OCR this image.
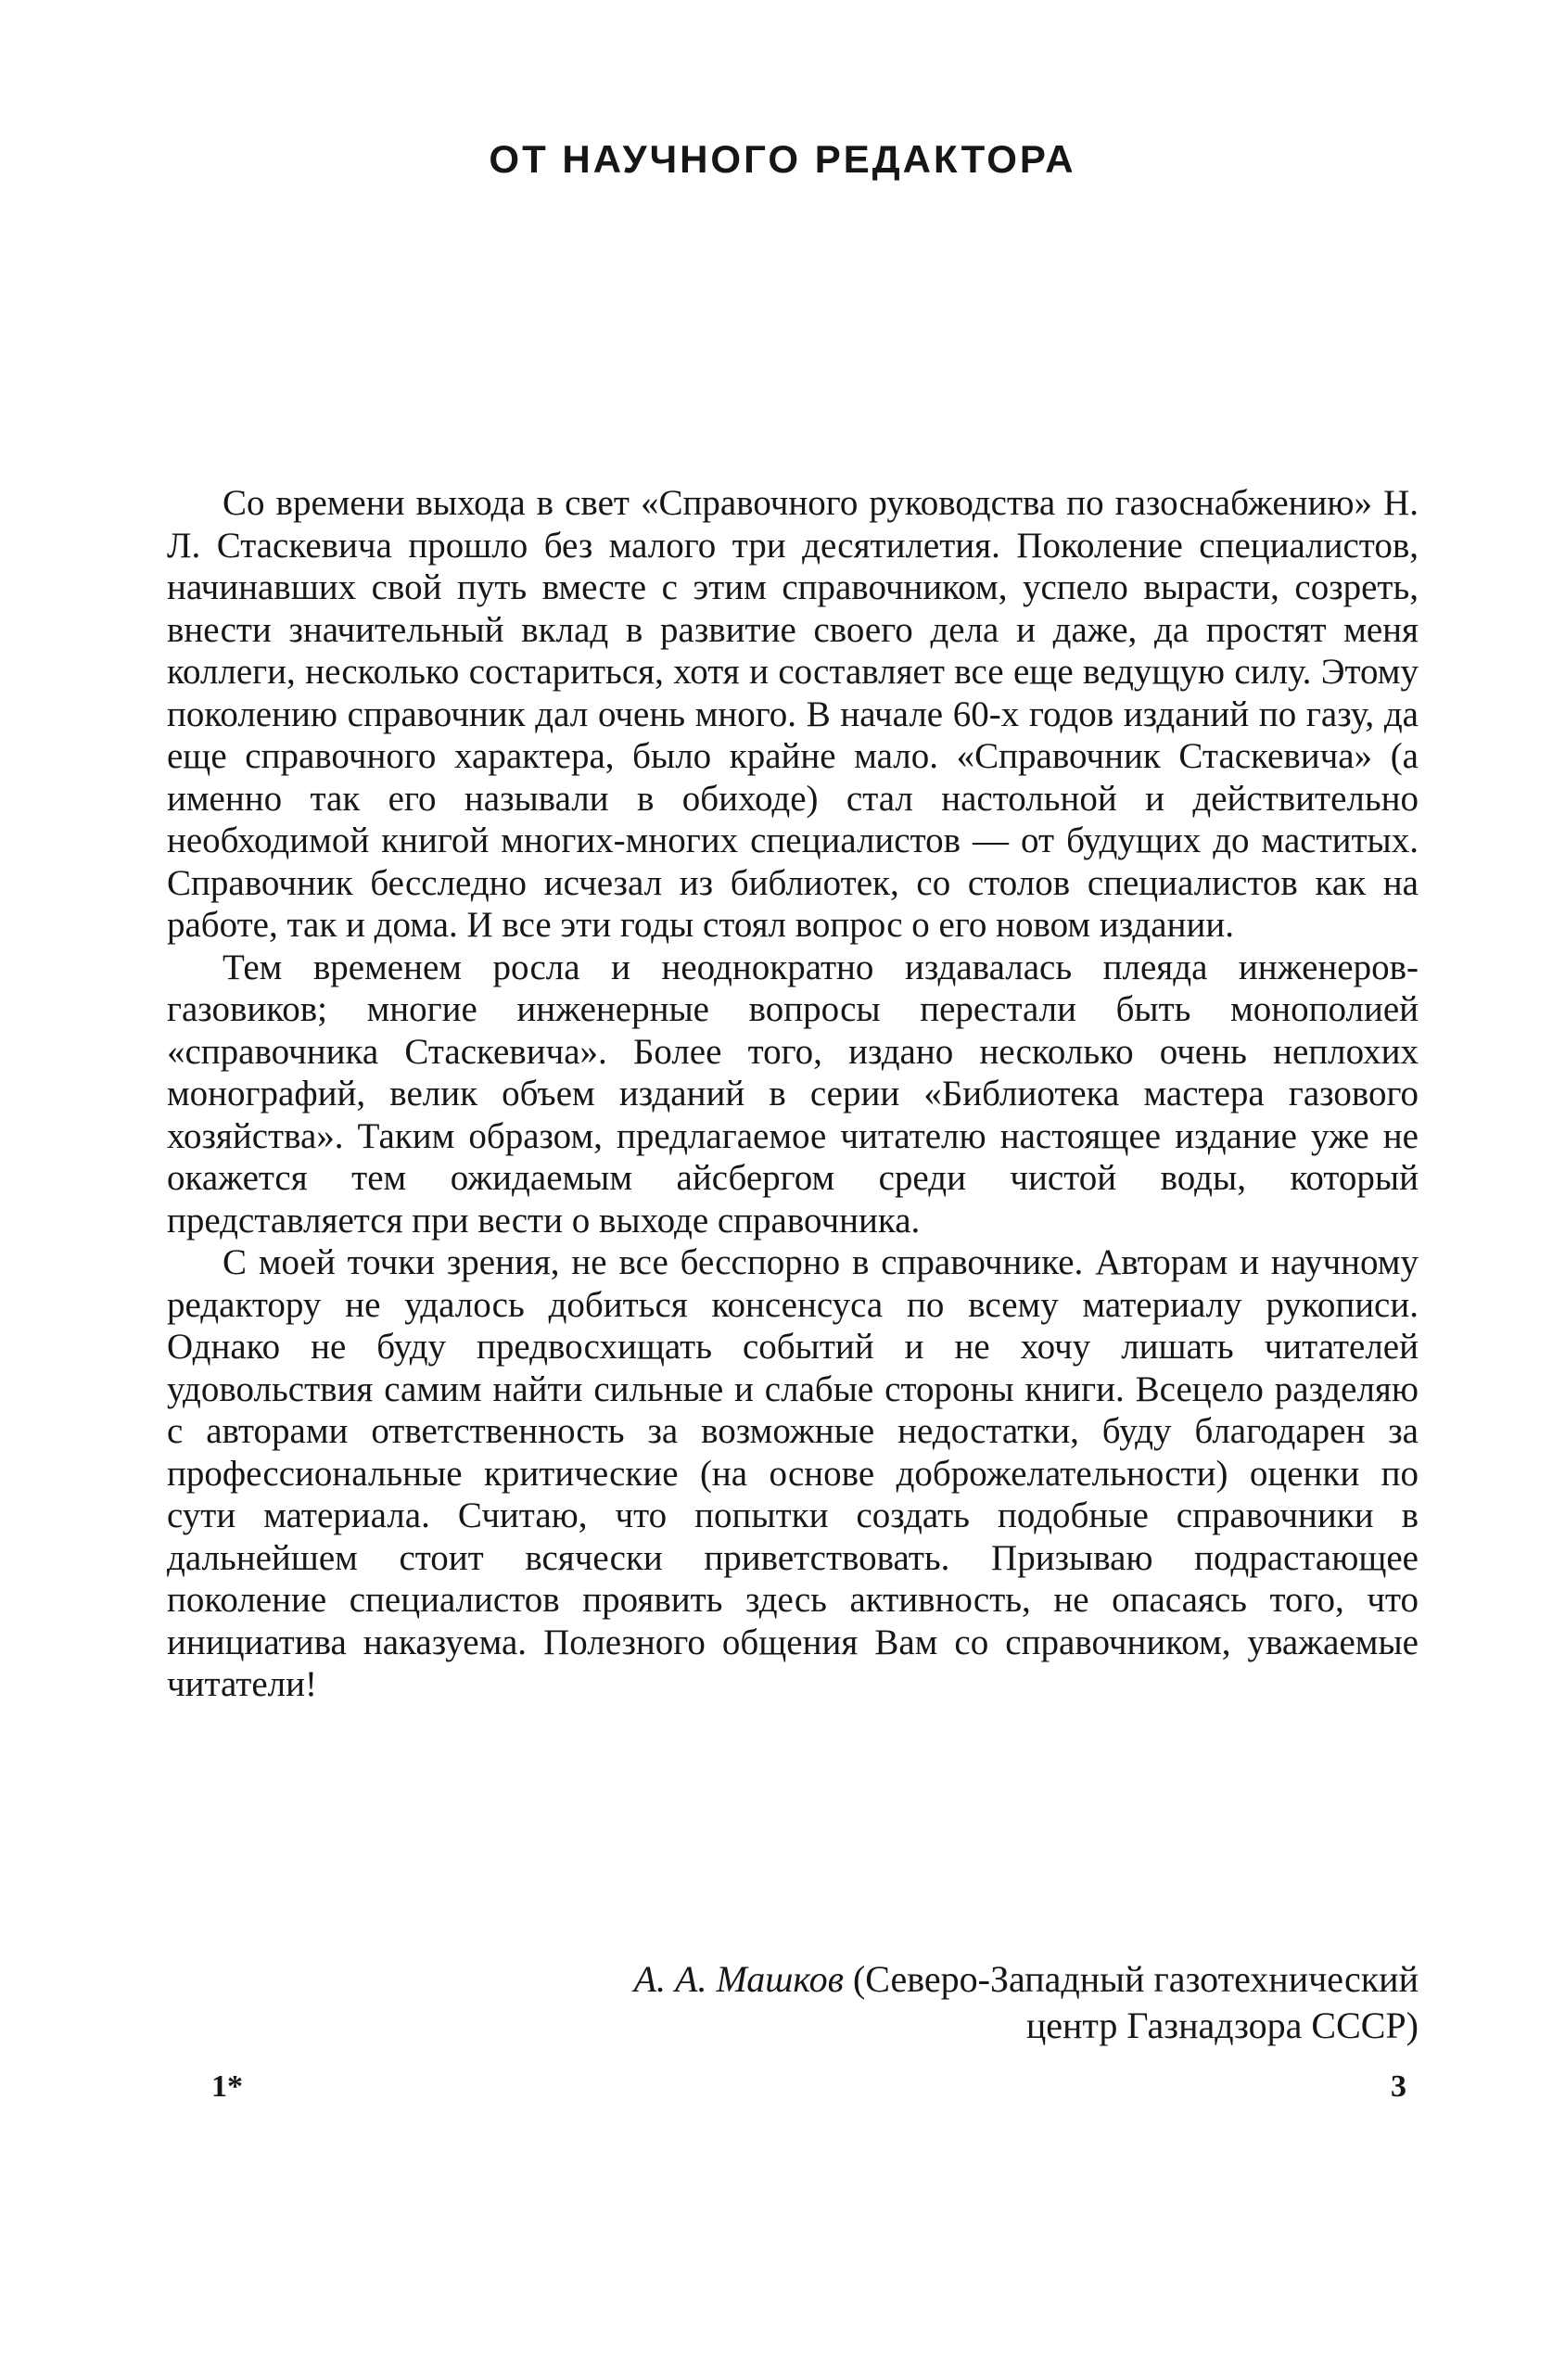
ОТ НАУЧНОГО РЕДАКТОРА

Со времени выхода в свет «Справочного руководства по газоснабжению» Н. Л. Стаскевича прошло без малого три десятилетия. Поколение специалистов, начинавших свой путь вместе с этим справочником, успело вырасти, созреть, внести значительный вклад в развитие своего дела и даже, да простят меня коллеги, несколько состариться, хотя и составляет все еще ведущую силу. Этому поколению справочник дал очень много. В начале 60-х годов изданий по газу, да еще справочного характера, было крайне мало. «Справочник Стаскевича» (а именно так его называли в обиходе) стал настольной и действительно необходимой книгой многих-многих специалистов — от будущих до маститых. Справочник бесследно исчезал из библиотек, со столов специалистов как на работе, так и дома. И все эти годы стоял вопрос о его новом издании.

Тем временем росла и неоднократно издавалась плеяда инженеров-газовиков; многие инженерные вопросы перестали быть монополией «справочника Стаскевича». Более того, издано несколько очень неплохих монографий, велик объем изданий в серии «Библиотека мастера газового хозяйства». Таким образом, предлагаемое читателю настоящее издание уже не окажется тем ожидаемым айсбергом среди чистой воды, который представляется при вести о выходе справочника.

С моей точки зрения, не все бесспорно в справочнике. Авторам и научному редактору не удалось добиться консенсуса по всему материалу рукописи. Однако не буду предвосхищать событий и не хочу лишать читателей удовольствия самим найти сильные и слабые стороны книги. Всецело разделяю с авторами ответственность за возможные недостатки, буду благодарен за профессиональные критические (на основе доброжелательности) оценки по сути материала. Считаю, что попытки создать подобные справочники в дальнейшем стоит всячески приветствовать. Призываю подрастающее поколение специалистов проявить здесь активность, не опасаясь того, что инициатива наказуема. Полезного общения Вам со справочником, уважаемые читатели!

А. А. Машков (Северо-Западный газотехнический
центр Газнадзора СССР)
1*	3
